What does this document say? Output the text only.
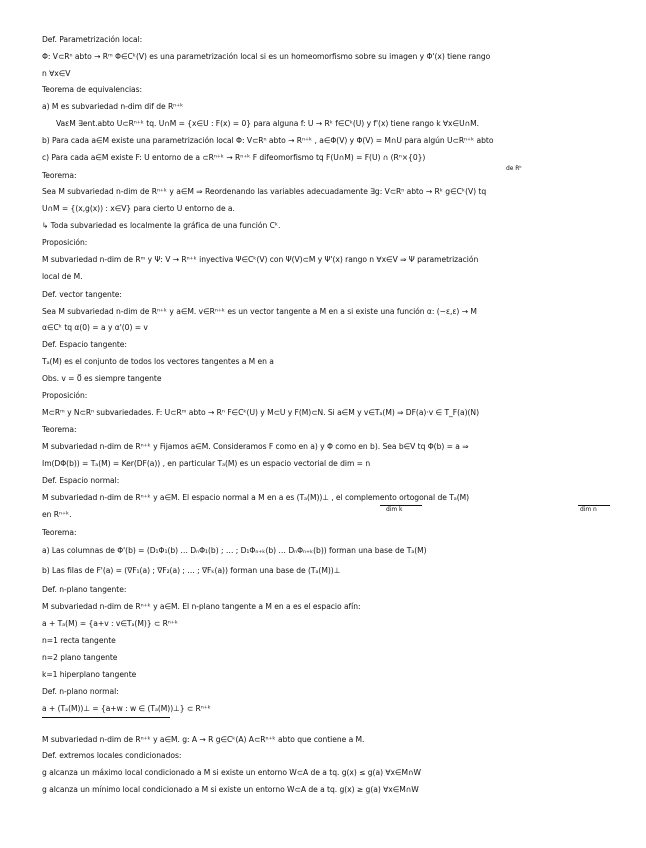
Def. Parametrización local:
Φ: V⊂Rⁿ abto → Rᵐ Φ∈Cᵏ(V) es una parametrización local si es un homeomorfismo sobre su imagen y Φ'(x) tiene rango
n ∀x∈V
Teorema de equivalencias:
a) M es subvariedad n-dim dif de Rⁿ⁺ᵏ
VaεM ∃ent.abto U⊂Rⁿ⁺ᵏ tq. U∩M = {x∈U : F(x) = 0} para alguna f: U → Rᵏ f∈Cᵏ(U) y f'(x) tiene rango k ∀x∈U∩M.
b) Para cada a∈M existe una parametrización local Φ: V⊂Rⁿ abto → Rⁿ⁺ᵏ , a∈Φ(V) y Φ(V) = M∩U para algún U⊂Rⁿ⁺ᵏ abto
c) Para cada a∈M existe F: U entorno de a ⊂Rⁿ⁺ᵏ → Rⁿ⁺ᵏ F difeomorfismo tq F(U∩M) = F(U) ∩ (Rⁿ×{0})
de Rᵏ
Teorema:
Sea M subvariedad n-dim de Rⁿ⁺ᵏ y a∈M ⇒ Reordenando las variables adecuadamente ∃g: V⊂Rⁿ abto → Rᵏ g∈Cᵏ(V) tq
U∩M = {(x,g(x)) : x∈V} para cierto U entorno de a.
↳ Toda subvariedad es localmente la gráfica de una función Cᵏ.
Proposición:
M subvariedad n-dim de Rᵐ y Ψ: V → Rⁿ⁺ᵏ inyectiva Ψ∈Cᵏ(V) con Ψ(V)⊂M y Ψ'(x) rango n ∀x∈V ⇒ Ψ parametrización
local de M.
Def. vector tangente:
Sea M subvariedad n-dim de Rⁿ⁺ᵏ y a∈M. v∈Rⁿ⁺ᵏ es un vector tangente a M en a si existe una función α: (−ε,ε) → M
α∈Cᵏ tq α(0) = a y α'(0) = v
Def. Espacio tangente:
Tₐ(M) es el conjunto de todos los vectores tangentes a M en a
Obs. v = 0⃗ es siempre tangente
Proposición:
M⊂Rᵐ y N⊂Rⁿ subvariedades. F: U⊂Rᵐ abto → Rⁿ F∈Cᵏ(U) y M⊂U y F(M)⊂N. Si a∈M y v∈Tₐ(M) ⇒ DF(a)·v ∈ T_F(a)(N)
Teorema:
M subvariedad n-dim de Rⁿ⁺ᵏ y Fijamos a∈M. Consideramos F como en a) y Φ como en b). Sea b∈V tq Φ(b) = a ⇒
Im(DΦ(b)) = Tₐ(M) = Ker(DF(a)) , en particular Tₐ(M) es un espacio vectorial de dim = n
Def. Espacio normal:
M subvariedad n-dim de Rⁿ⁺ᵏ y a∈M. El espacio normal a M en a es (Tₐ(M))⊥ , el complemento ortogonal de Tₐ(M)
dim k	dim n
en Rⁿ⁺ᵏ.
Teorema:
a) Las columnas de Φ'(b) = (D₁Φ₁(b) … DₙΦ₁(b) ; … ; D₁Φₙ₊ₖ(b) … DₙΦₙ₊ₖ(b)) forman una base de Tₐ(M)
b) Las filas de F'(a) = (∇F₁(a) ; ∇F₂(a) ; … ; ∇Fₖ(a)) forman una base de (Tₐ(M))⊥
Def. n-plano tangente:
M subvariedad n-dim de Rⁿ⁺ᵏ y a∈M. El n-plano tangente a M en a es el espacio afín:
a + Tₐ(M) = {a+v : v∈Tₐ(M)} ⊂ Rⁿ⁺ᵏ
n=1 recta tangente
n=2 plano tangente
k=1 hiperplano tangente
Def. n-plano normal:
a + (Tₐ(M))⊥ = {a+w : w ∈ (Tₐ(M))⊥} ⊂ Rⁿ⁺ᵏ
M subvariedad n-dim de Rⁿ⁺ᵏ y a∈M. g: A → R g∈Cᵏ(A) A⊂Rⁿ⁺ᵏ abto que contiene a M.
Def. extremos locales condicionados:
g alcanza un máximo local condicionado a M si existe un entorno W⊂A de a tq. g(x) ≤ g(a) ∀x∈M∩W
g alcanza un mínimo local condicionado a M si existe un entorno W⊂A de a tq. g(x) ≥ g(a) ∀x∈M∩W
